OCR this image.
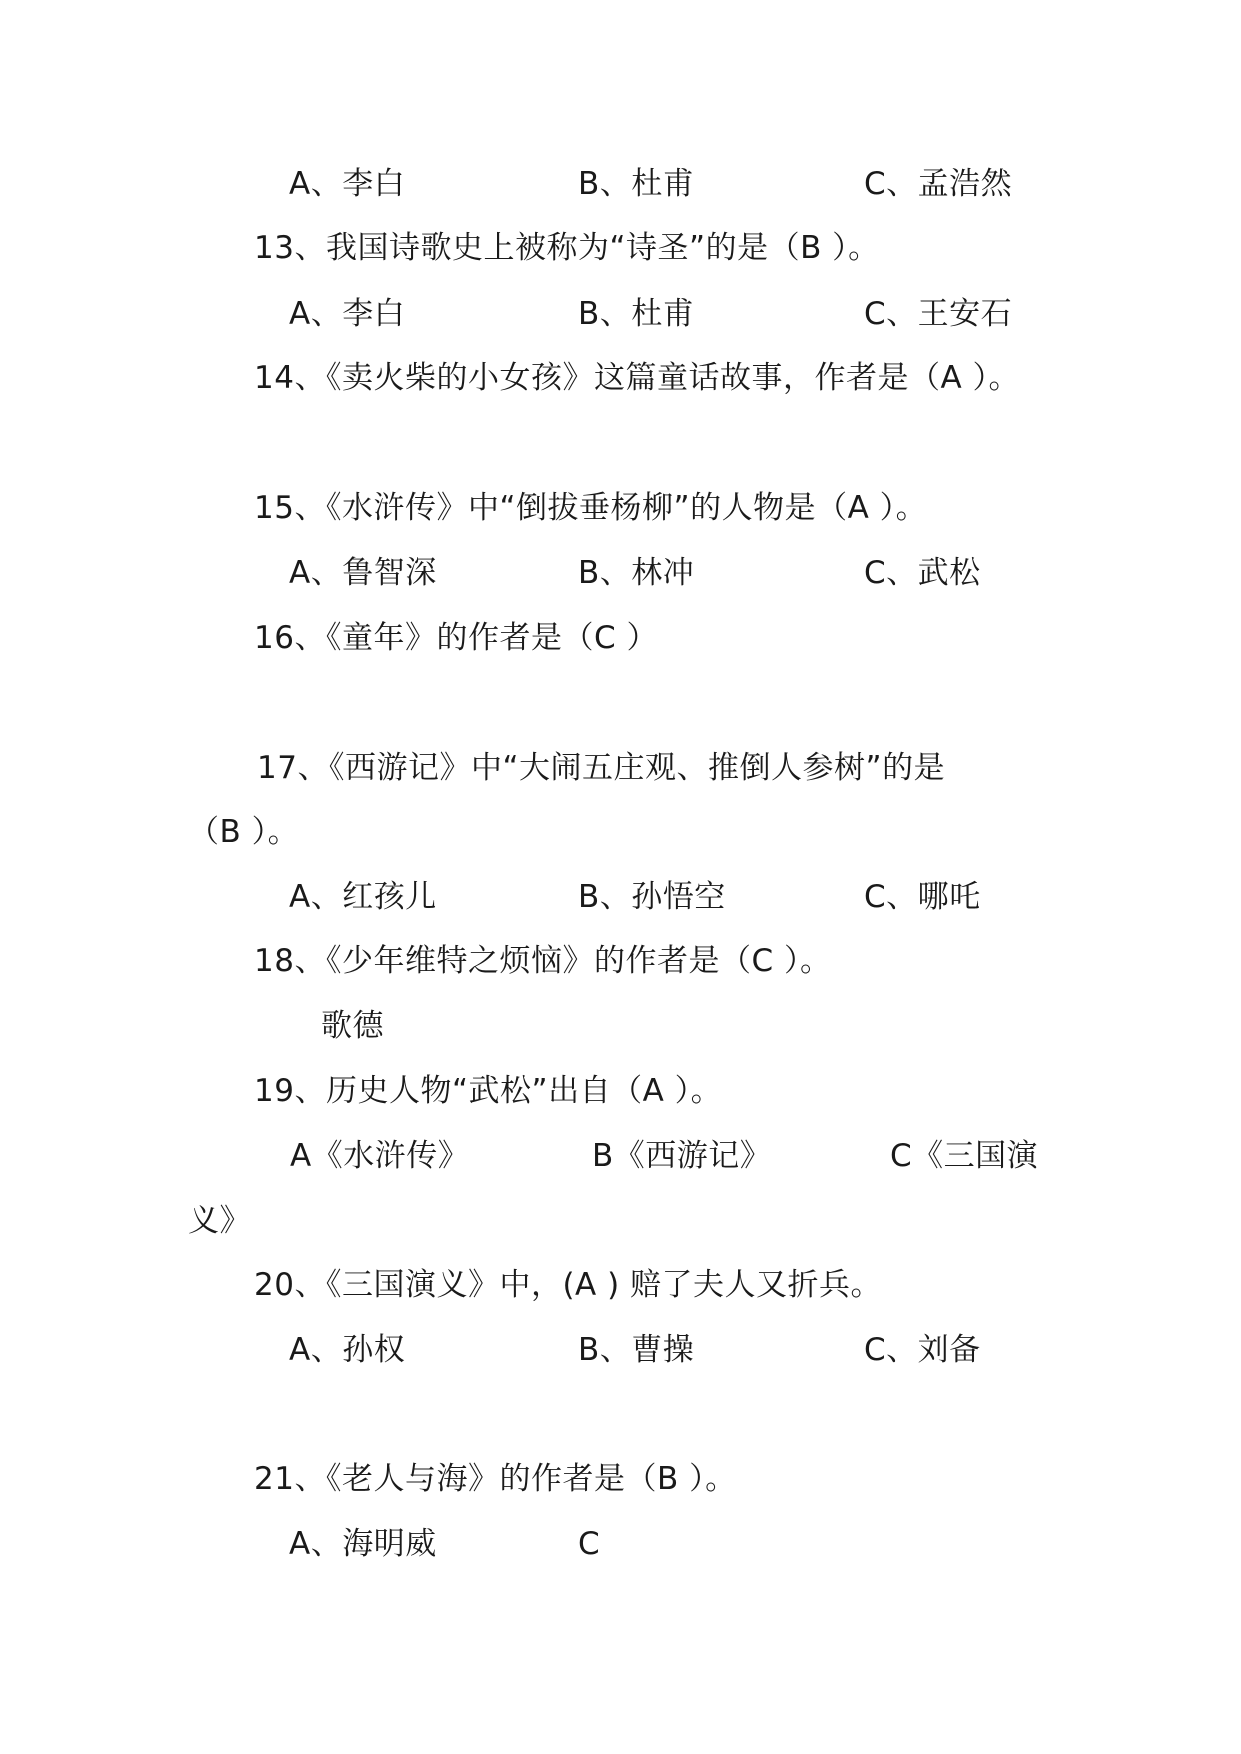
A、李白	B、杜甫	C、孟浩然
13、我国诗歌史上被称为“诗圣”的是（B ）。
A、李白	B、杜甫	C、王安石
14、《卖火柴的小女孩》这篇童话故事，作者是（A ）。
15、《水浒传》中“倒拔垂杨柳”的人物是（A ）。
A、鲁智深	B、林冲	C、武松
16、《童年》的作者是（C ）
17、《西游记》中“大闹五庄观、推倒人参树”的是
（B ）。
A、红孩儿	B、孙悟空	C、哪吒
18、《少年维特之烦恼》的作者是（C ）。
歌德
19、历史人物“武松”出自（A ）。
A《水浒传》	B《西游记》	C《三国演
义》
20、《三国演义》中，(A ) 赔了夫人又折兵。
A、孙权	B、曹操	C、刘备
21、《老人与海》的作者是（B ）。
A、海明威	C
